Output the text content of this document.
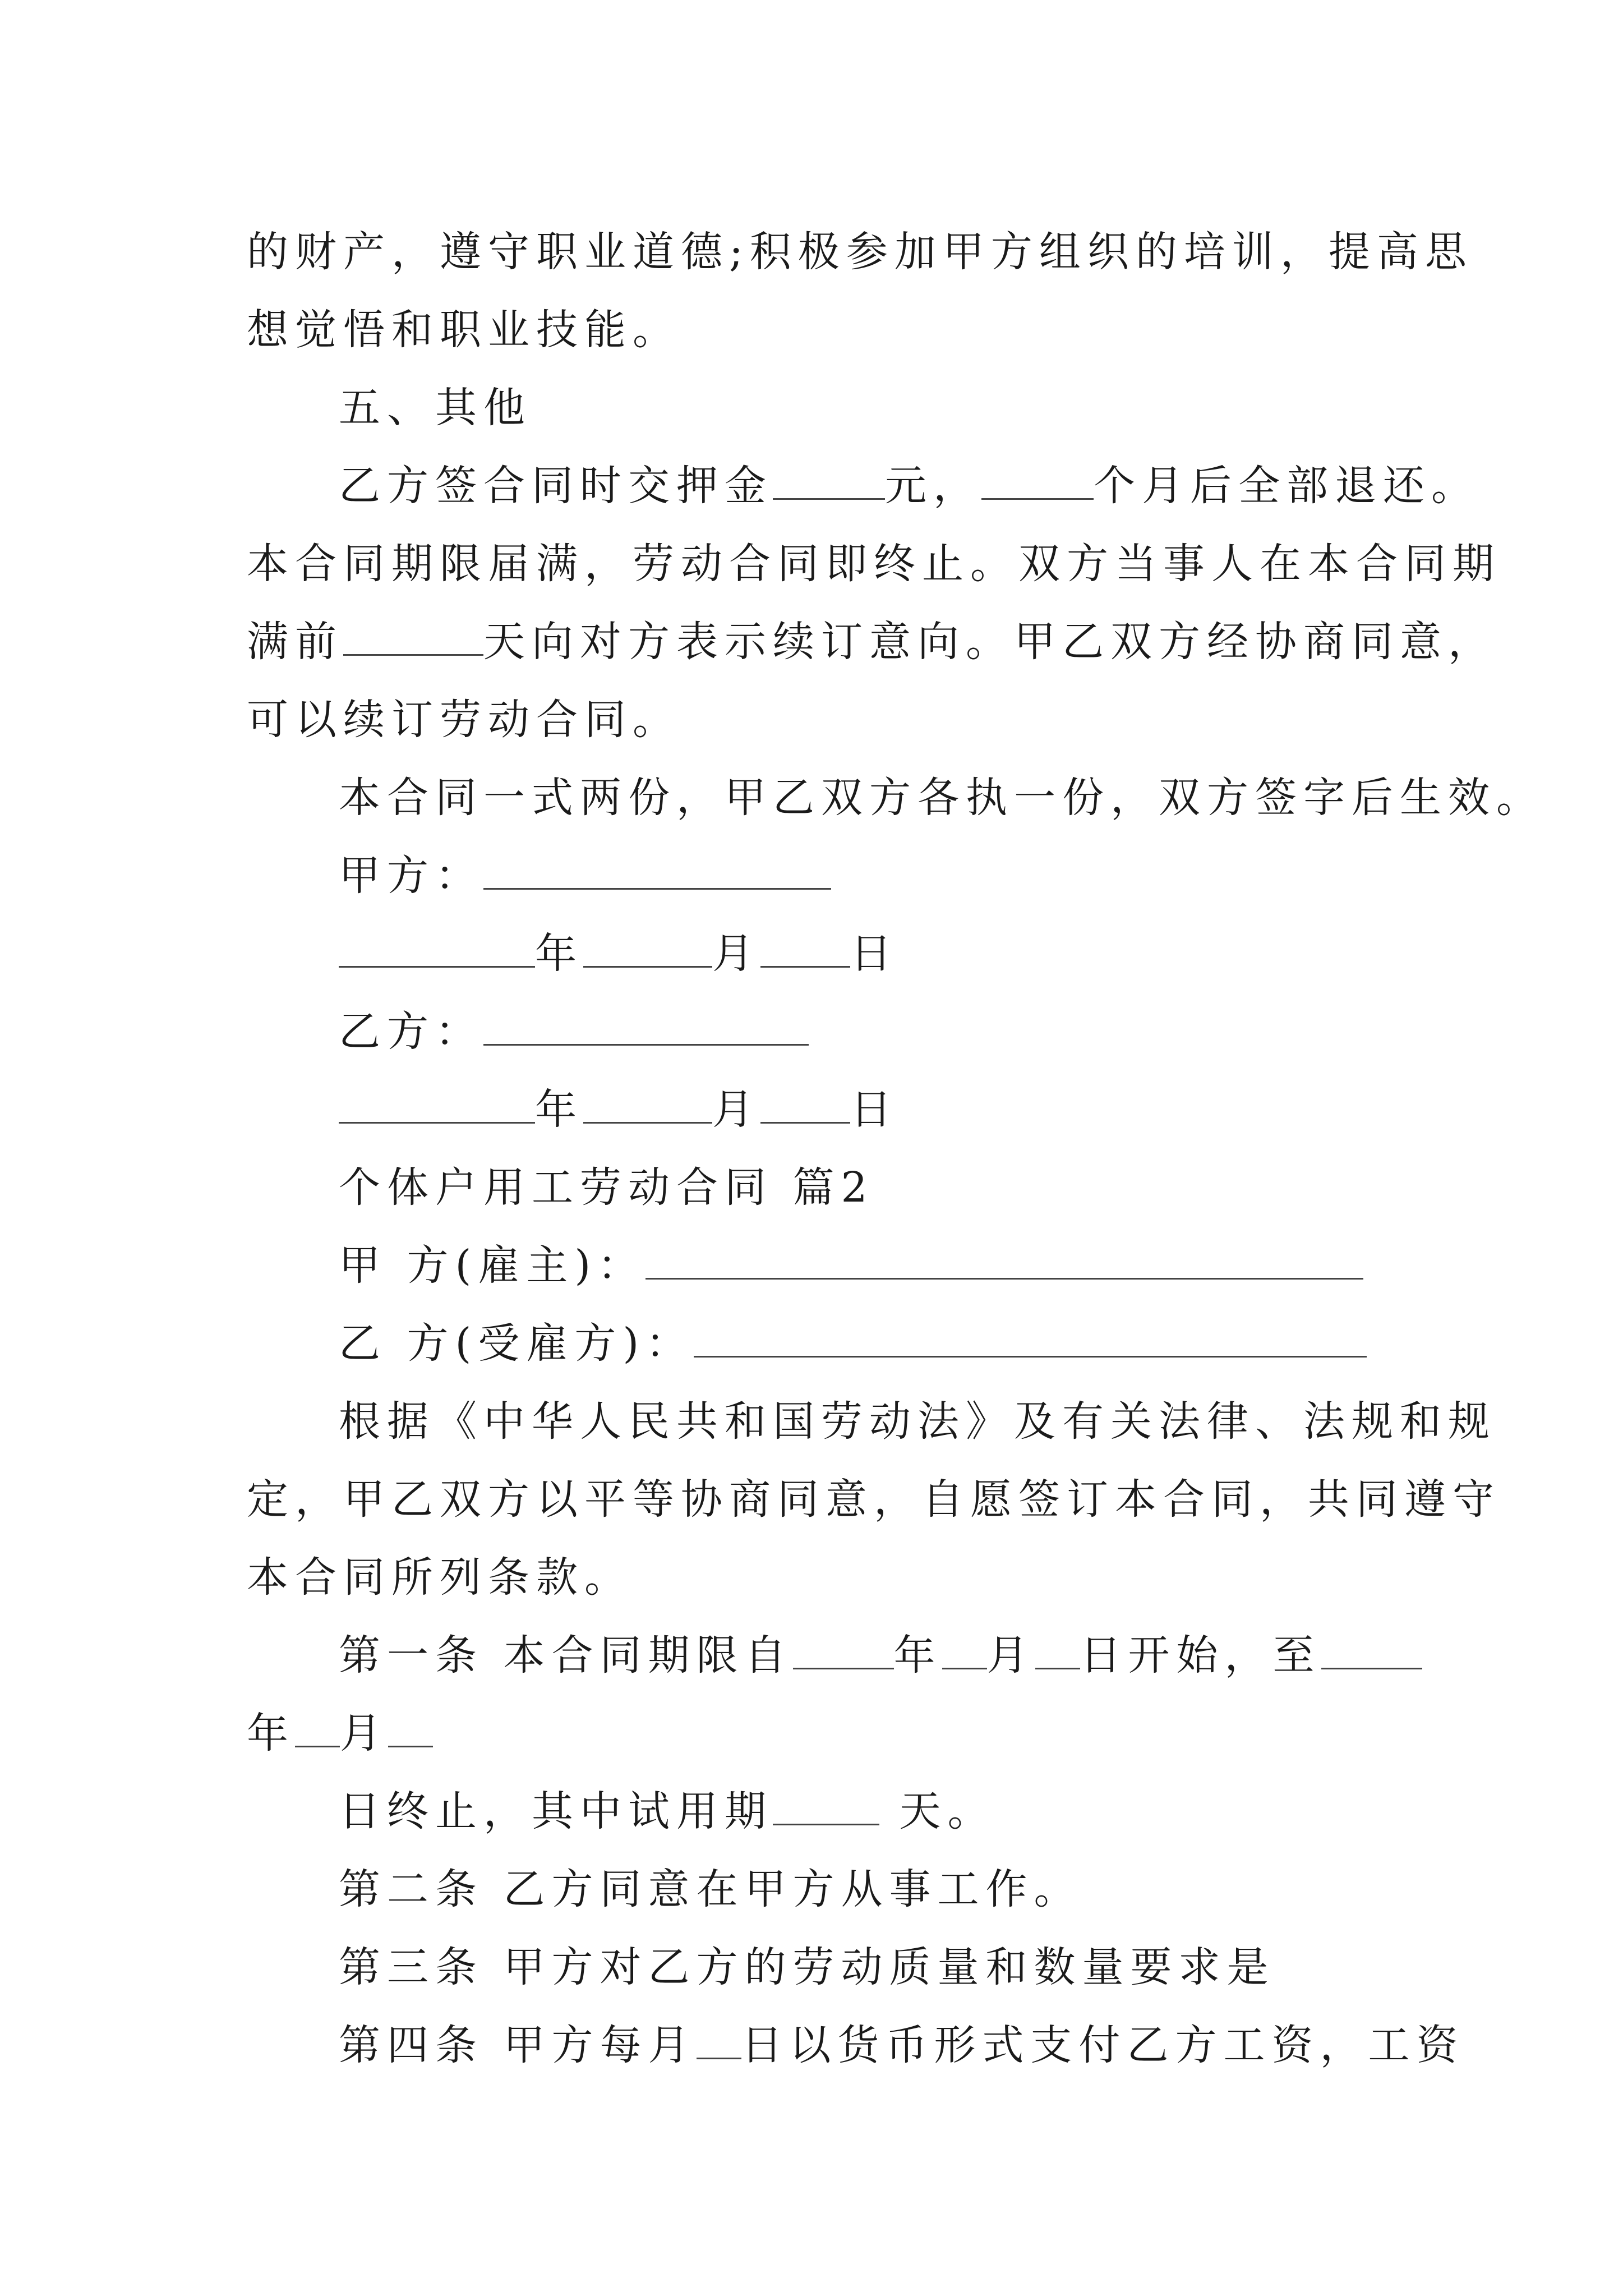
的财产，遵守职业道德;积极参加甲方组织的培训，提高思
想觉悟和职业技能。
五、其他
乙方签合同时交押金	元，	个月后全部退还。
本合同期限届满，劳动合同即终止。双方当事人在本合同期
满前	天向对方表示续订意向。甲乙双方经协商同意，
可以续订劳动合同。
本合同一式两份，甲乙双方各执一份，双方签字后生效。
甲方：
年	月 日
乙方：
年	月 日
个体户用工劳动合同 篇2
甲 方(雇主)：
乙 方(受雇方)：
根据《中华人民共和国劳动法》及有关法律、法规和规
定，甲乙双方以平等协商同意，自愿签订本合同，共同遵守
本合同所列条款。
第一条 本合同期限自 年 月 日开始，至
年 月
日终止，其中试用期	天。
第二条 乙方同意在甲方从事工作。
第三条 甲方对乙方的劳动质量和数量要求是
第四条 甲方每月 日以货币形式支付乙方工资，工资
